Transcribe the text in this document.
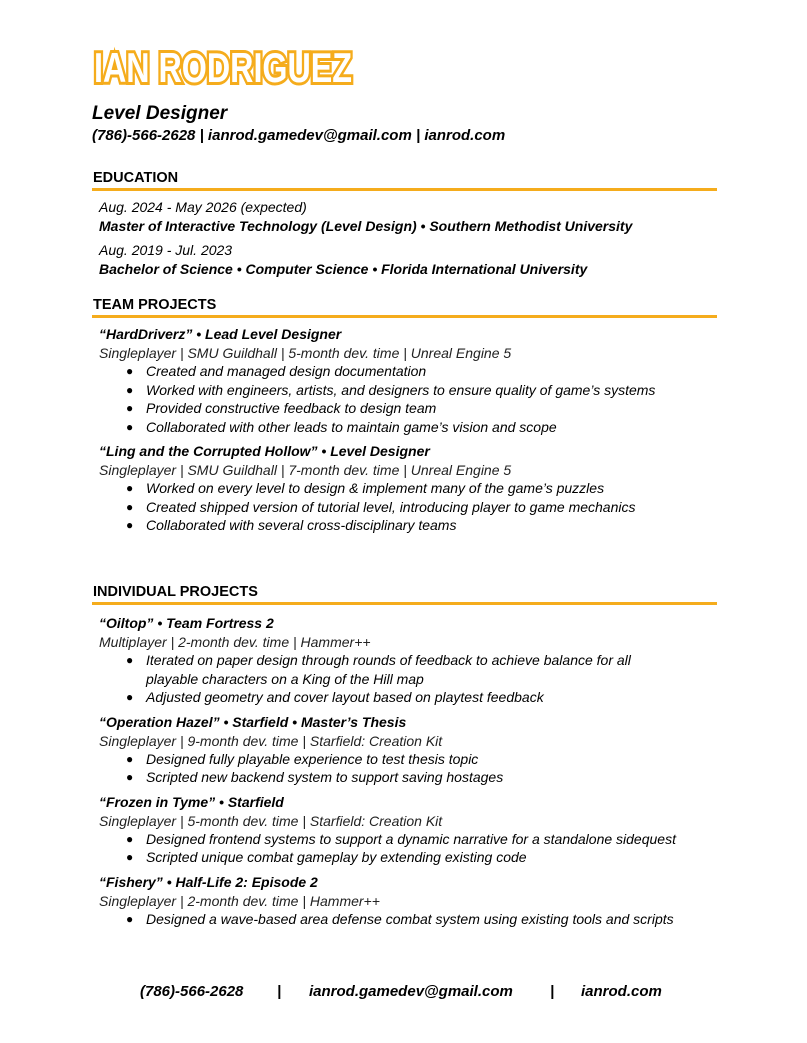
IAN RODRIGUEZ
Level Designer
(786)-566-2628 | ianrod.gamedev@gmail.com | ianrod.com
EDUCATION
Aug. 2024 - May 2026 (expected)
Master of Interactive Technology (Level Design) • Southern Methodist University
Aug. 2019 - Jul. 2023
Bachelor of Science • Computer Science • Florida International University
TEAM PROJECTS
“HardDriverz” • Lead Level Designer
Singleplayer | SMU Guildhall | 5-month dev. time | Unreal Engine 5
● Created and managed design documentation
● Worked with engineers, artists, and designers to ensure quality of game’s systems
● Provided constructive feedback to design team
● Collaborated with other leads to maintain game’s vision and scope
“Ling and the Corrupted Hollow” • Level Designer
Singleplayer | SMU Guildhall | 7-month dev. time | Unreal Engine 5
● Worked on every level to design & implement many of the game’s puzzles
● Created shipped version of tutorial level, introducing player to game mechanics
● Collaborated with several cross-disciplinary teams
INDIVIDUAL PROJECTS
“Oiltop” • Team Fortress 2
Multiplayer | 2-month dev. time | Hammer++
● Iterated on paper design through rounds of feedback to achieve balance for all playable characters on a King of the Hill map
● Adjusted geometry and cover layout based on playtest feedback
“Operation Hazel” • Starfield • Master’s Thesis
Singleplayer | 9-month dev. time | Starfield: Creation Kit
● Designed fully playable experience to test thesis topic
● Scripted new backend system to support saving hostages
“Frozen in Tyme” • Starfield
Singleplayer | 5-month dev. time | Starfield: Creation Kit
● Designed frontend systems to support a dynamic narrative for a standalone sidequest
● Scripted unique combat gameplay by extending existing code
“Fishery” • Half-Life 2: Episode 2
Singleplayer | 2-month dev. time | Hammer++
● Designed a wave-based area defense combat system using existing tools and scripts
(786)-566-2628 | ianrod.gamedev@gmail.com | ianrod.com
